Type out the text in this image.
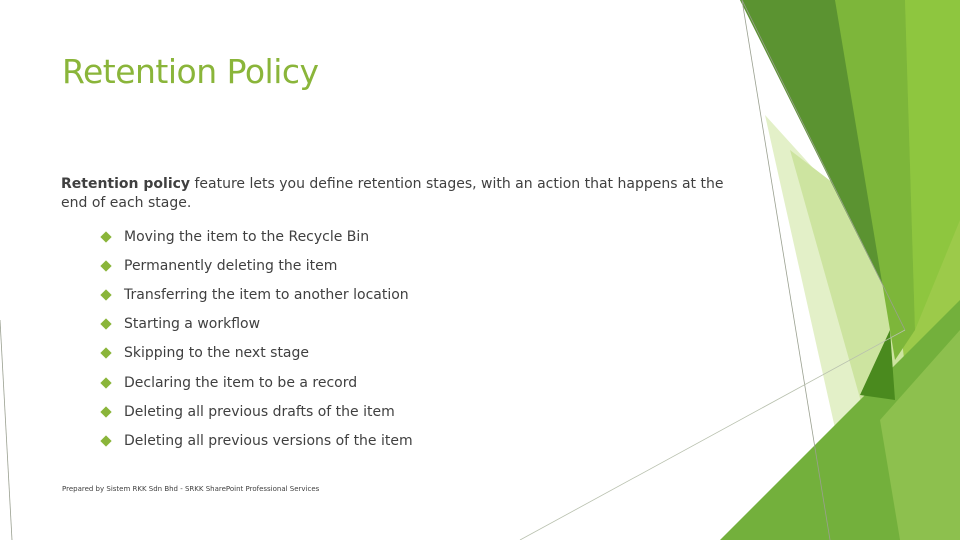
Retention Policy

Retention policy feature lets you define retention stages, with an action that happens at the end of each stage.

Moving the item to the Recycle Bin
Permanently deleting the item
Transferring the item to another location
Starting a workflow
Skipping to the next stage
Declaring the item to be a record
Deleting all previous drafts of the item
Deleting all previous versions of the item

Prepared by Sistem RKK Sdn Bhd - SRKK SharePoint Professional Services
